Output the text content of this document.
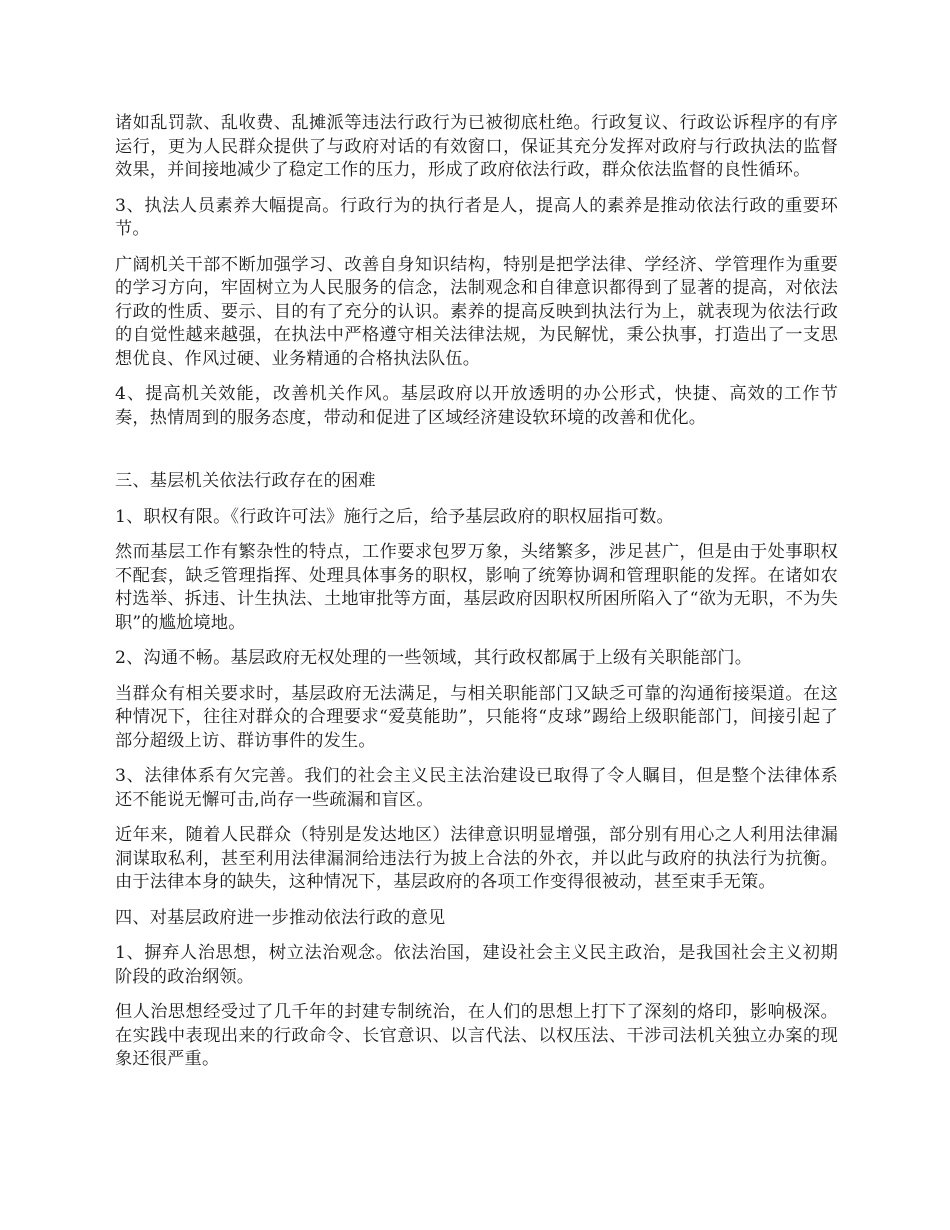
诸如乱罚款、乱收费、乱摊派等违法行政行为已被彻底杜绝。行政复议、行政讼诉程序的有序运行，更为人民群众提供了与政府对话的有效窗口，保证其充分发挥对政府与行政执法的监督效果，并间接地减少了稳定工作的压力，形成了政府依法行政，群众依法监督的良性循环。

3、执法人员素养大幅提高。行政行为的执行者是人，提高人的素养是推动依法行政的重要环节。

广阔机关干部不断加强学习、改善自身知识结构，特别是把学法律、学经济、学管理作为重要的学习方向，牢固树立为人民服务的信念，法制观念和自律意识都得到了显著的提高，对依法行政的性质、要示、目的有了充分的认识。素养的提高反映到执法行为上，就表现为依法行政的自觉性越来越强，在执法中严格遵守相关法律法规，为民解忧，秉公执事，打造出了一支思想优良、作风过硬、业务精通的合格执法队伍。

4、提高机关效能，改善机关作风。基层政府以开放透明的办公形式，快捷、高效的工作节奏，热情周到的服务态度，带动和促进了区域经济建设软环境的改善和优化。

三、基层机关依法行政存在的困难

1、职权有限。《行政许可法》施行之后，给予基层政府的职权屈指可数。

然而基层工作有繁杂性的特点，工作要求包罗万象，头绪繁多，涉足甚广，但是由于处事职权不配套，缺乏管理指挥、处理具体事务的职权，影响了统筹协调和管理职能的发挥。在诸如农村选举、拆违、计生执法、土地审批等方面，基层政府因职权所困所陷入了“欲为无职，不为失职”的尴尬境地。

2、沟通不畅。基层政府无权处理的一些领域，其行政权都属于上级有关职能部门。

当群众有相关要求时，基层政府无法满足，与相关职能部门又缺乏可靠的沟通衔接渠道。在这种情况下，往往对群众的合理要求“爱莫能助”，只能将“皮球”踢给上级职能部门，间接引起了部分超级上访、群访事件的发生。

3、法律体系有欠完善。我们的社会主义民主法治建设已取得了令人瞩目，但是整个法律体系还不能说无懈可击,尚存一些疏漏和盲区。

近年来，随着人民群众（特别是发达地区）法律意识明显增强，部分别有用心之人利用法律漏洞谋取私利，甚至利用法律漏洞给违法行为披上合法的外衣，并以此与政府的执法行为抗衡。由于法律本身的缺失，这种情况下，基层政府的各项工作变得很被动，甚至束手无策。

四、对基层政府进一步推动依法行政的意见

1、摒弃人治思想，树立法治观念。依法治国，建设社会主义民主政治，是我国社会主义初期阶段的政治纲领。

但人治思想经受过了几千年的封建专制统治，在人们的思想上打下了深刻的烙印，影响极深。在实践中表现出来的行政命令、长官意识、以言代法、以权压法、干涉司法机关独立办案的现象还很严重。
